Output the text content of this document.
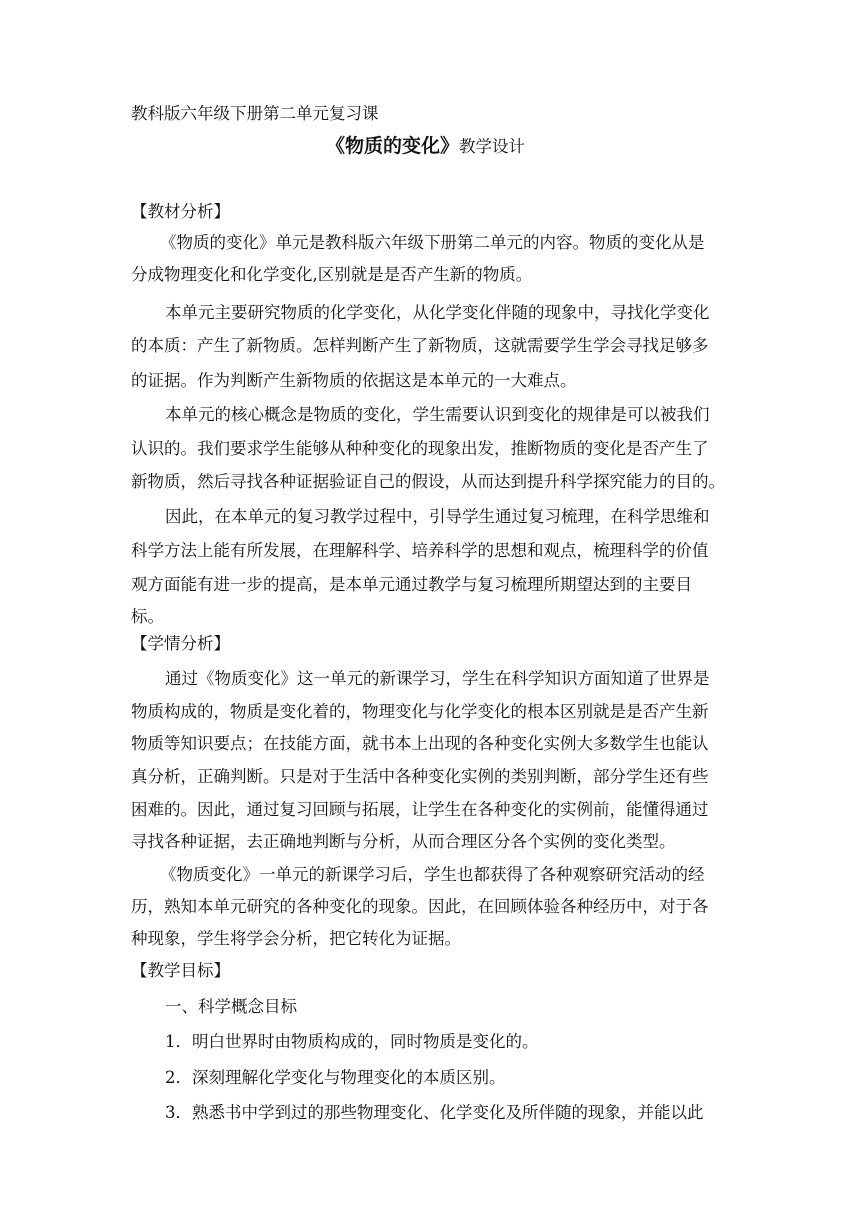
教科版六年级下册第二单元复习课
《物质的变化》教学设计
【教材分析】
《物质的变化》单元是教科版六年级下册第二单元的内容。物质的变化从是
分成物理变化和化学变化,区别就是是否产生新的物质。
本单元主要研究物质的化学变化，从化学变化伴随的现象中，寻找化学变化
的本质：产生了新物质。怎样判断产生了新物质，这就需要学生学会寻找足够多
的证据。作为判断产生新物质的依据这是本单元的一大难点。
本单元的核心概念是物质的变化，学生需要认识到变化的规律是可以被我们
认识的。我们要求学生能够从种种变化的现象出发，推断物质的变化是否产生了
新物质，然后寻找各种证据验证自己的假设，从而达到提升科学探究能力的目的。
因此，在本单元的复习教学过程中，引导学生通过复习梳理，在科学思维和
科学方法上能有所发展，在理解科学、培养科学的思想和观点，梳理科学的价值
观方面能有进一步的提高，是本单元通过教学与复习梳理所期望达到的主要目
标。
【学情分析】
通过《物质变化》这一单元的新课学习，学生在科学知识方面知道了世界是
物质构成的，物质是变化着的，物理变化与化学变化的根本区别就是是否产生新
物质等知识要点；在技能方面，就书本上出现的各种变化实例大多数学生也能认
真分析，正确判断。只是对于生活中各种变化实例的类别判断，部分学生还有些
困难的。因此，通过复习回顾与拓展，让学生在各种变化的实例前，能懂得通过
寻找各种证据，去正确地判断与分析，从而合理区分各个实例的变化类型。
《物质变化》一单元的新课学习后，学生也都获得了各种观察研究活动的经
历，熟知本单元研究的各种变化的现象。因此，在回顾体验各种经历中，对于各
种现象，学生将学会分析，把它转化为证据。
【教学目标】
一、科学概念目标
1．明白世界时由物质构成的，同时物质是变化的。
2．深刻理解化学变化与物理变化的本质区别。
3．熟悉书中学到过的那些物理变化、化学变化及所伴随的现象，并能以此
